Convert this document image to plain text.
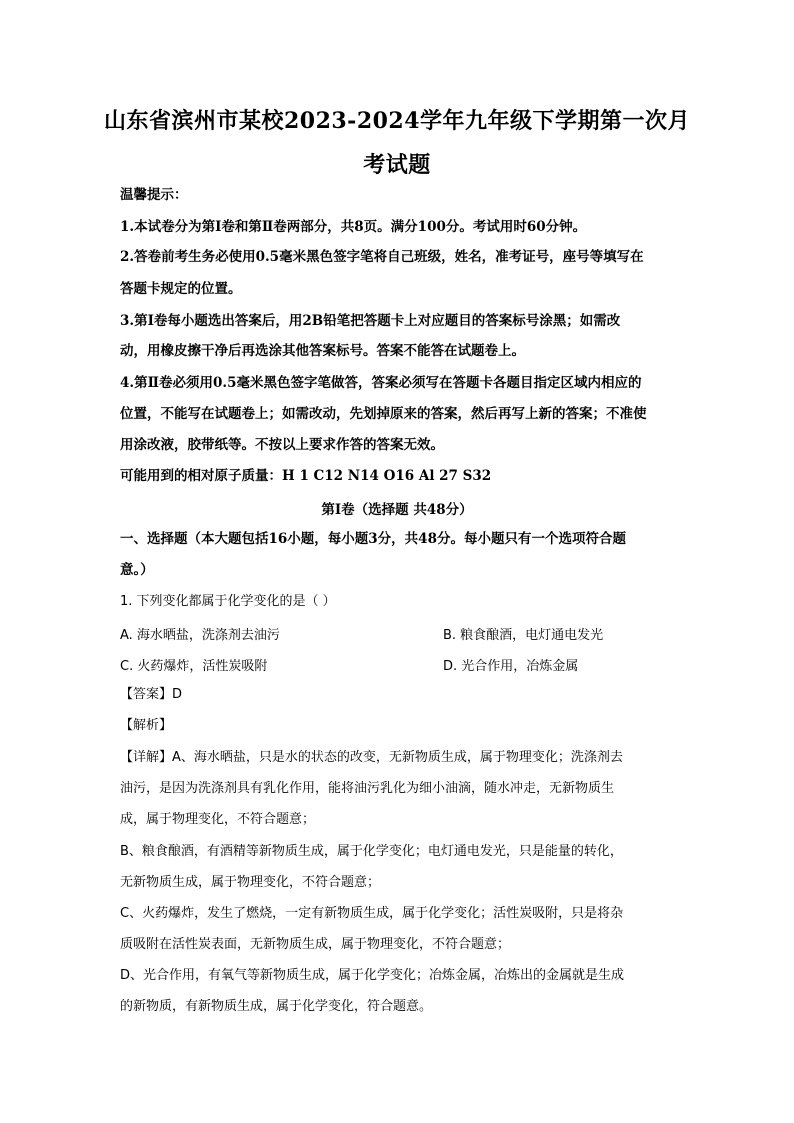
山东省滨州市某校2023-2024学年九年级下学期第一次月
考试题
温馨提示：
1.本试卷分为第Ⅰ卷和第Ⅱ卷两部分，共8页。满分100分。考试用时60分钟。
2.答卷前考生务必使用0.5毫米黑色签字笔将自己班级，姓名，准考证号，座号等填写在
答题卡规定的位置。
3.第Ⅰ卷每小题选出答案后，用2B铅笔把答题卡上对应题目的答案标号涂黑；如需改
动，用橡皮擦干净后再选涂其他答案标号。答案不能答在试题卷上。
4.第Ⅱ卷必须用0.5毫米黑色签字笔做答，答案必须写在答题卡各题目指定区域内相应的
位置，不能写在试题卷上；如需改动，先划掉原来的答案，然后再写上新的答案；不准使
用涂改液，胶带纸等。不按以上要求作答的答案无效。
可能用到的相对原子质量：H 1 C12 N14 O16 Al 27 S32
第Ⅰ卷（选择题 共48分）
一、选择题（本大题包括16小题，每小题3分，共48分。每小题只有一个选项符合题
意。）
1. 下列变化都属于化学变化的是（ ）
A. 海水晒盐，洗涤剂去油污	B. 粮食酿酒，电灯通电发光
C. 火药爆炸，活性炭吸附	D. 光合作用，冶炼金属
【答案】D
【解析】
【详解】A、海水晒盐，只是水的状态的改变，无新物质生成，属于物理变化；洗涤剂去
油污，是因为洗涤剂具有乳化作用，能将油污乳化为细小油滴，随水冲走，无新物质生
成，属于物理变化，不符合题意；
B、粮食酿酒，有酒精等新物质生成，属于化学变化；电灯通电发光，只是能量的转化，
无新物质生成，属于物理变化，不符合题意；
C、火药爆炸，发生了燃烧，一定有新物质生成，属于化学变化；活性炭吸附，只是将杂
质吸附在活性炭表面，无新物质生成，属于物理变化，不符合题意；
D、光合作用，有氧气等新物质生成，属于化学变化；冶炼金属，冶炼出的金属就是生成
的新物质，有新物质生成，属于化学变化，符合题意。
